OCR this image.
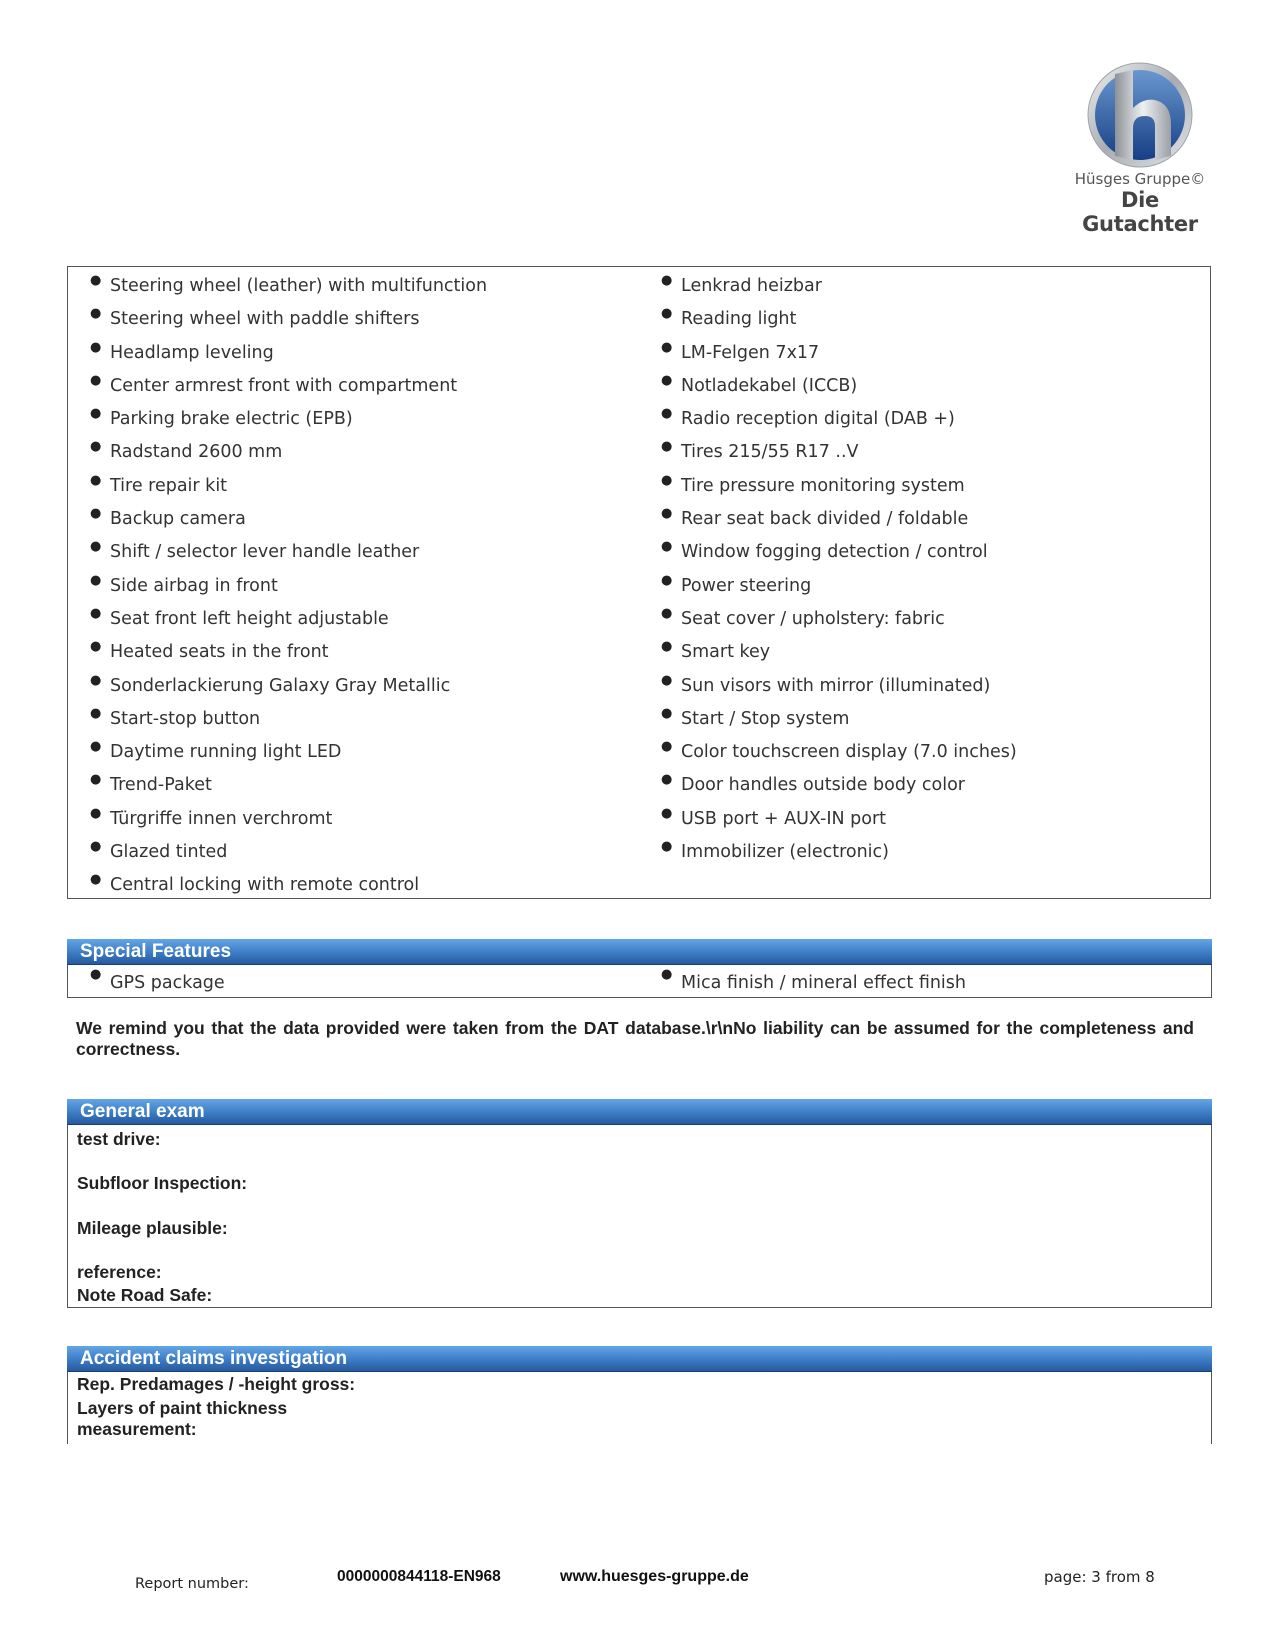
Hüsges Gruppe©
Die Gutachter
● Steering wheel (leather) with multifunction
● Steering wheel with paddle shifters
● Headlamp leveling
● Center armrest front with compartment
● Parking brake electric (EPB)
● Radstand 2600 mm
● Tire repair kit
● Backup camera
● Shift / selector lever handle leather
● Side airbag in front
● Seat front left height adjustable
● Heated seats in the front
● Sonderlackierung Galaxy Gray Metallic
● Start-stop button
● Daytime running light LED
● Trend-Paket
● Türgriffe innen verchromt
● Glazed tinted
● Central locking with remote control
● Lenkrad heizbar
● Reading light
● LM-Felgen 7x17
● Notladekabel (ICCB)
● Radio reception digital (DAB +)
● Tires 215/55 R17 ..V
● Tire pressure monitoring system
● Rear seat back divided / foldable
● Window fogging detection / control
● Power steering
● Seat cover / upholstery: fabric
● Smart key
● Sun visors with mirror (illuminated)
● Start / Stop system
● Color touchscreen display (7.0 inches)
● Door handles outside body color
● USB port + AUX-IN port
● Immobilizer (electronic)
Special Features
● GPS package	● Mica finish / mineral effect finish
We remind you that the data provided were taken from the DAT database.\r\nNo liability can be assumed for the completeness and correctness.
General exam
test drive:
Subfloor Inspection:
Mileage plausible:
reference:
Note Road Safe:
Accident claims investigation
Rep. Predamages / -height gross:
Layers of paint thickness
measurement:
Report number:	0000000844118-EN968	www.huesges-gruppe.de	page: 3 from 8
